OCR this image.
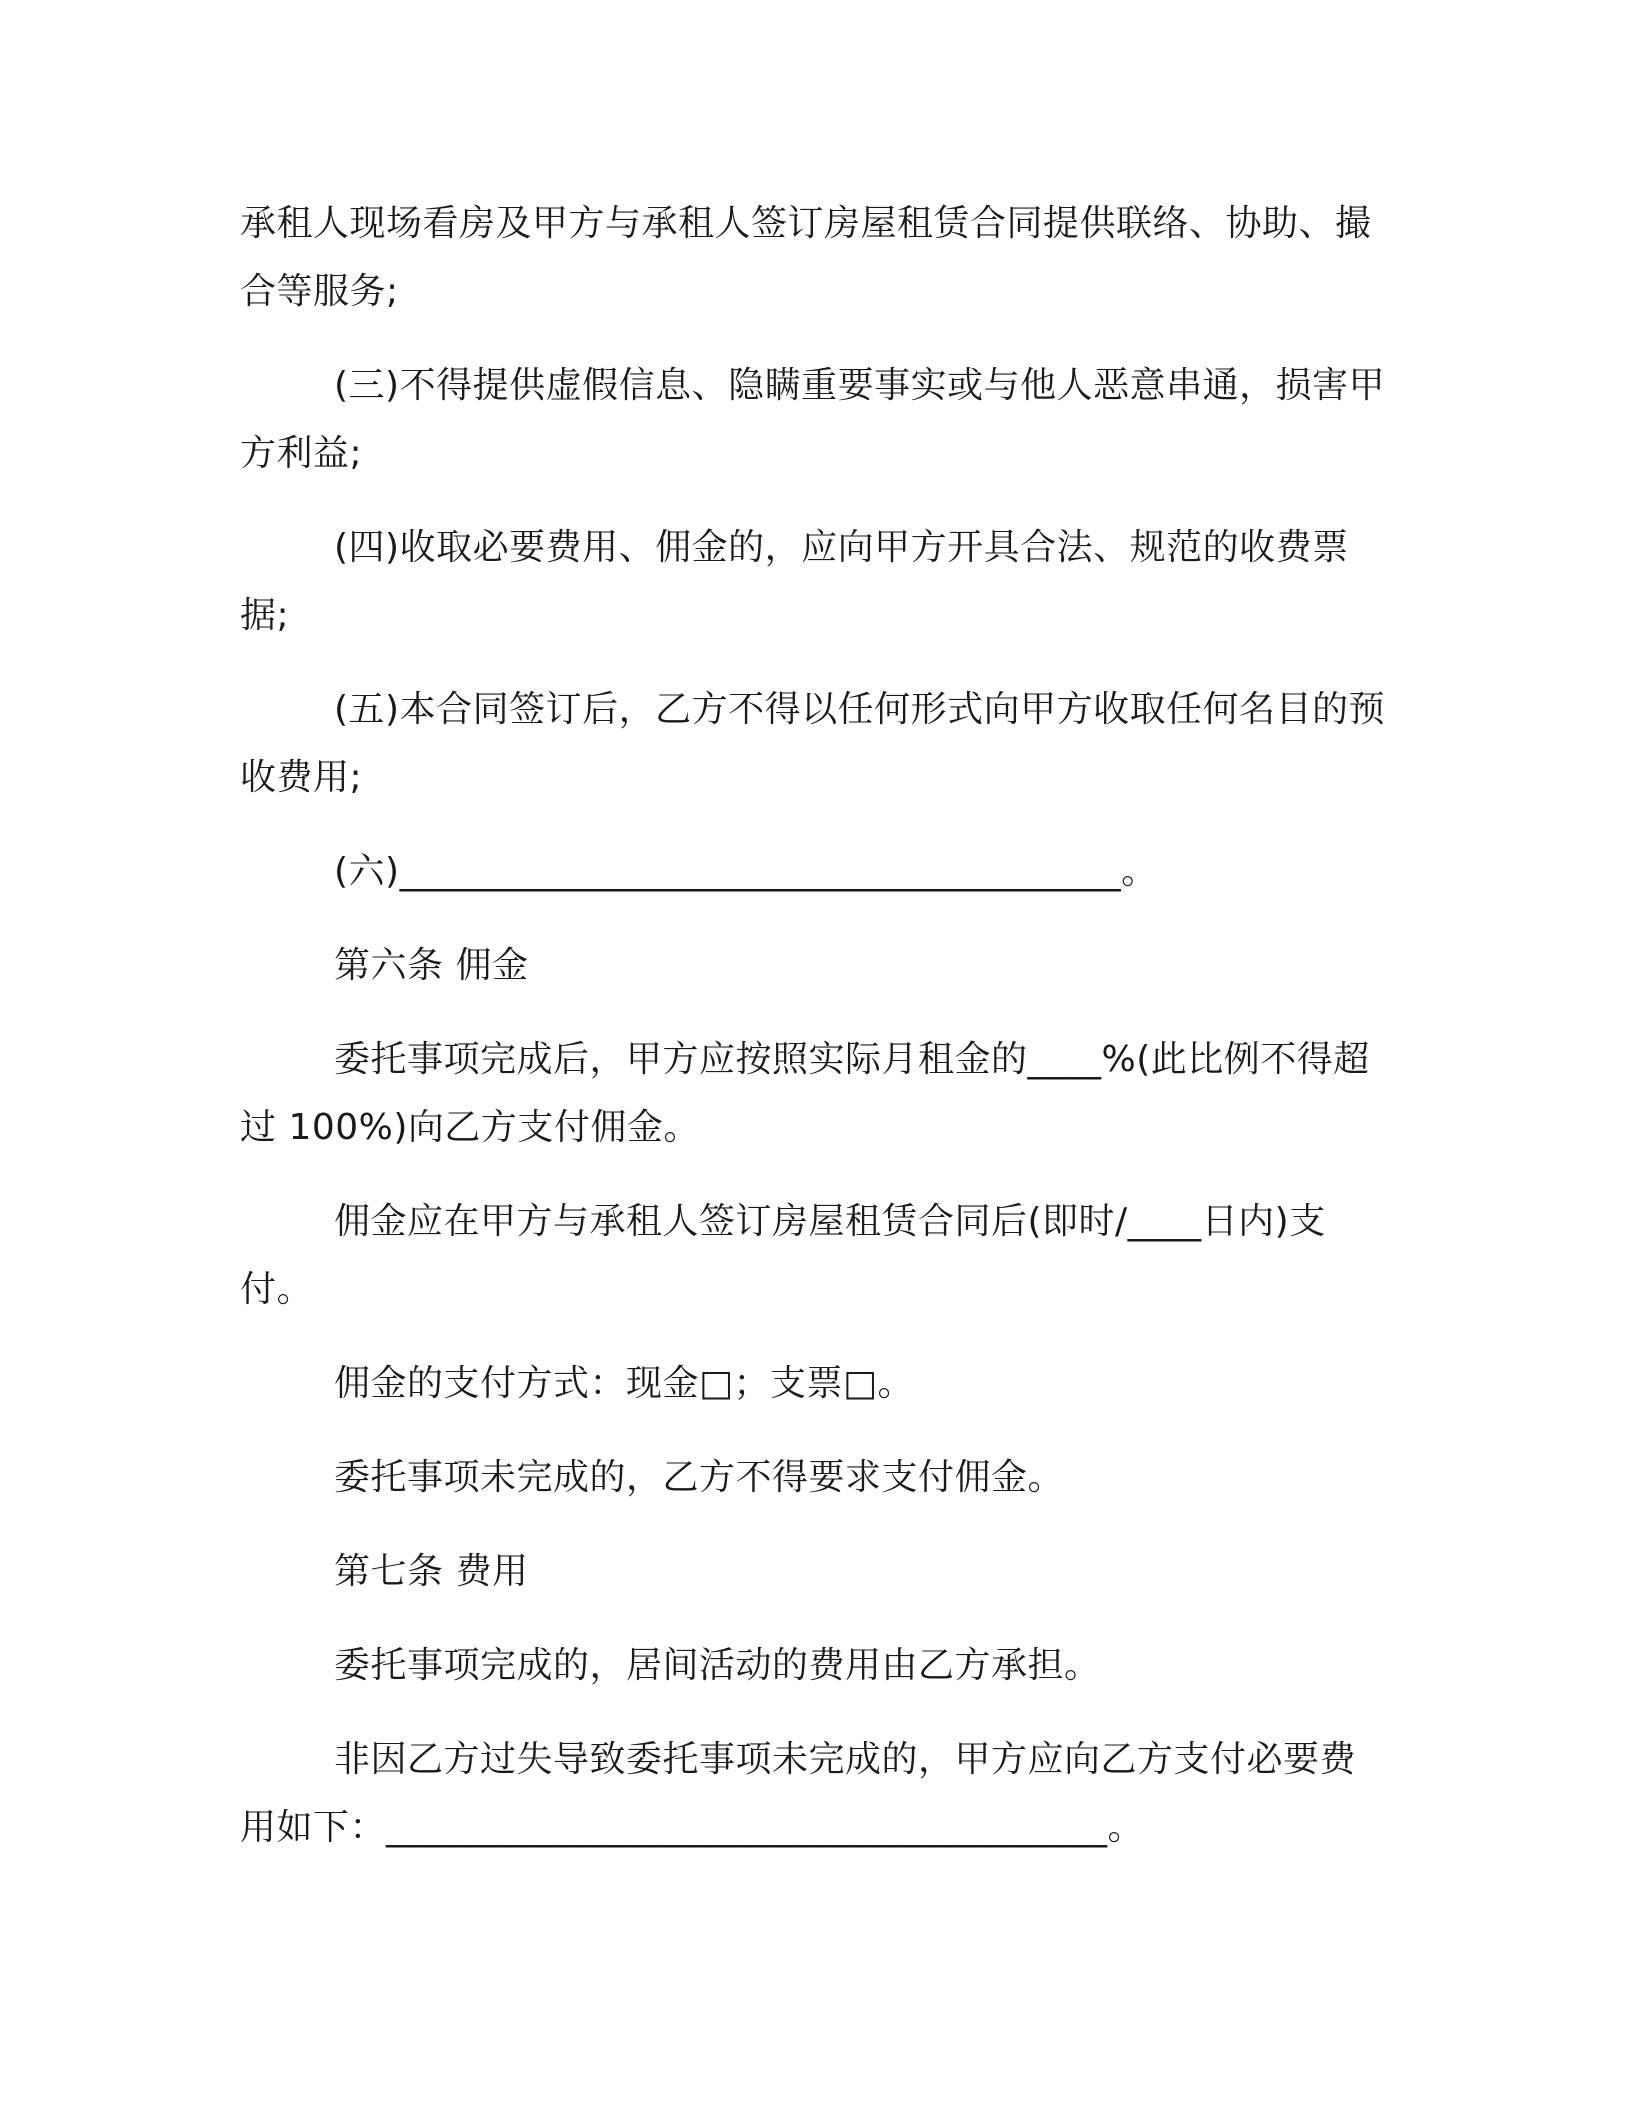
承租人现场看房及甲方与承租人签订房屋租赁合同提供联络、协助、撮合等服务;

(三)不得提供虚假信息、隐瞒重要事实或与他人恶意串通，损害甲方利益;

(四)收取必要费用、佣金的，应向甲方开具合法、规范的收费票据;

(五)本合同签订后，乙方不得以任何形式向甲方收取任何名目的预收费用;

(六)_______________________________________。

第六条 佣金

委托事项完成后，甲方应按照实际月租金的____%(此比例不得超过 100%)向乙方支付佣金。

佣金应在甲方与承租人签订房屋租赁合同后(即时/____日内)支付。

佣金的支付方式：现金□；支票□。

委托事项未完成的，乙方不得要求支付佣金。

第七条 费用

委托事项完成的，居间活动的费用由乙方承担。

非因乙方过失导致委托事项未完成的，甲方应向乙方支付必要费用如下：_______________________________________。
